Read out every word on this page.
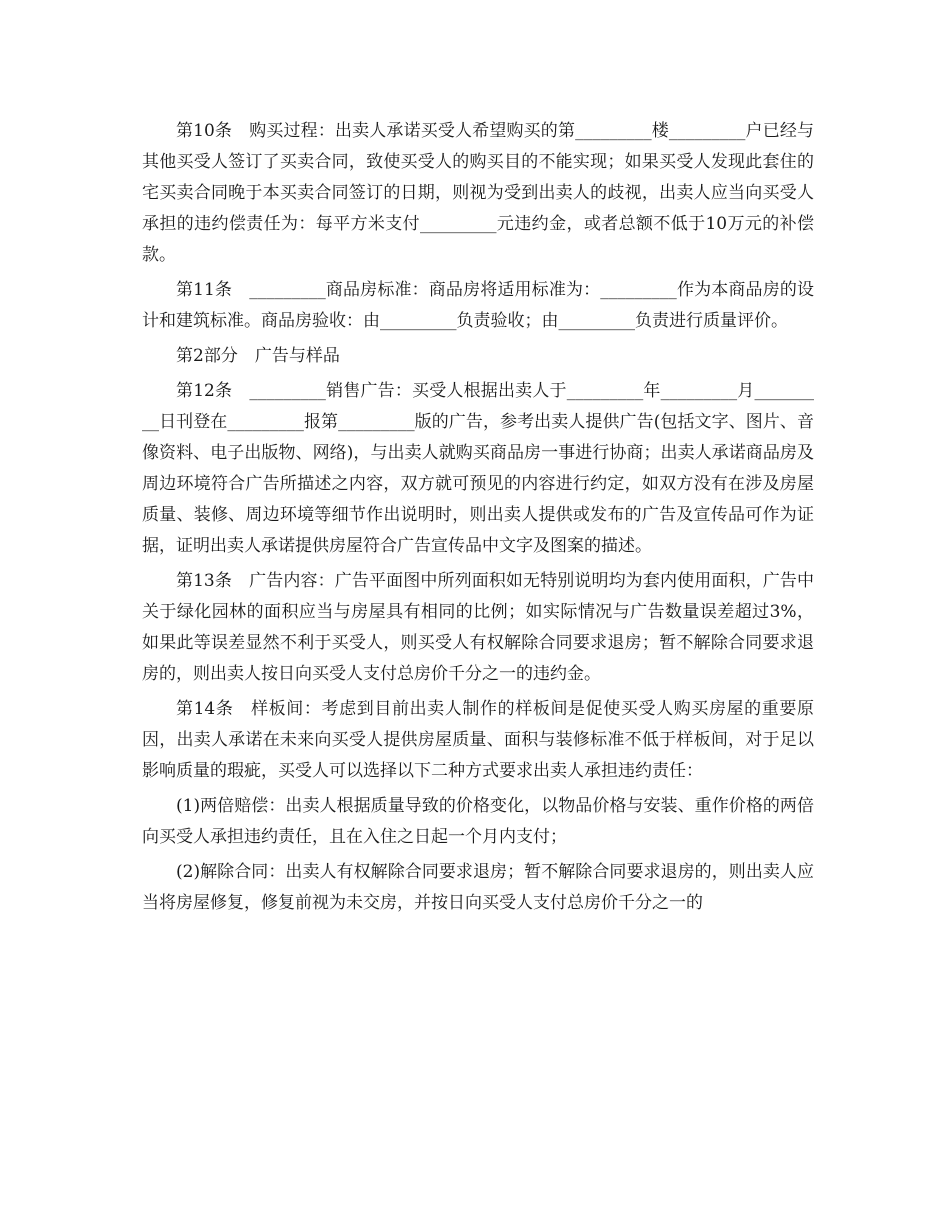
第10条　购买过程：出卖人承诺买受人希望购买的第_________楼_________户已经与其他买受人签订了买卖合同，致使买受人的购买目的不能实现；如果买受人发现此套住的宅买卖合同晚于本买卖合同签订的日期，则视为受到出卖人的歧视，出卖人应当向买受人承担的违约偿责任为：每平方米支付_________元违约金，或者总额不低于10万元的补偿款。

第11条　_________商品房标准：商品房将适用标准为：_________作为本商品房的设计和建筑标准。商品房验收：由_________负责验收；由_________负责进行质量评价。

第2部分　广告与样品

第12条　_________销售广告：买受人根据出卖人于_________年_________月_________日刊登在_________报第_________版的广告，参考出卖人提供广告(包括文字、图片、音像资料、电子出版物、网络)，与出卖人就购买商品房一事进行协商；出卖人承诺商品房及周边环境符合广告所描述之内容，双方就可预见的内容进行约定，如双方没有在涉及房屋质量、装修、周边环境等细节作出说明时，则出卖人提供或发布的广告及宣传品可作为证据，证明出卖人承诺提供房屋符合广告宣传品中文字及图案的描述。

第13条　广告内容：广告平面图中所列面积如无特别说明均为套内使用面积，广告中关于绿化园林的面积应当与房屋具有相同的比例；如实际情况与广告数量误差超过3%，如果此等误差显然不利于买受人，则买受人有权解除合同要求退房；暂不解除合同要求退房的，则出卖人按日向买受人支付总房价千分之一的违约金。

第14条　样板间：考虑到目前出卖人制作的样板间是促使买受人购买房屋的重要原因，出卖人承诺在未来向买受人提供房屋质量、面积与装修标准不低于样板间，对于足以影响质量的瑕疵，买受人可以选择以下二种方式要求出卖人承担违约责任：

(1)两倍赔偿：出卖人根据质量导致的价格变化，以物品价格与安装、重作价格的两倍向买受人承担违约责任，且在入住之日起一个月内支付；

(2)解除合同：出卖人有权解除合同要求退房；暂不解除合同要求退房的，则出卖人应当将房屋修复，修复前视为未交房，并按日向买受人支付总房价千分之一的
